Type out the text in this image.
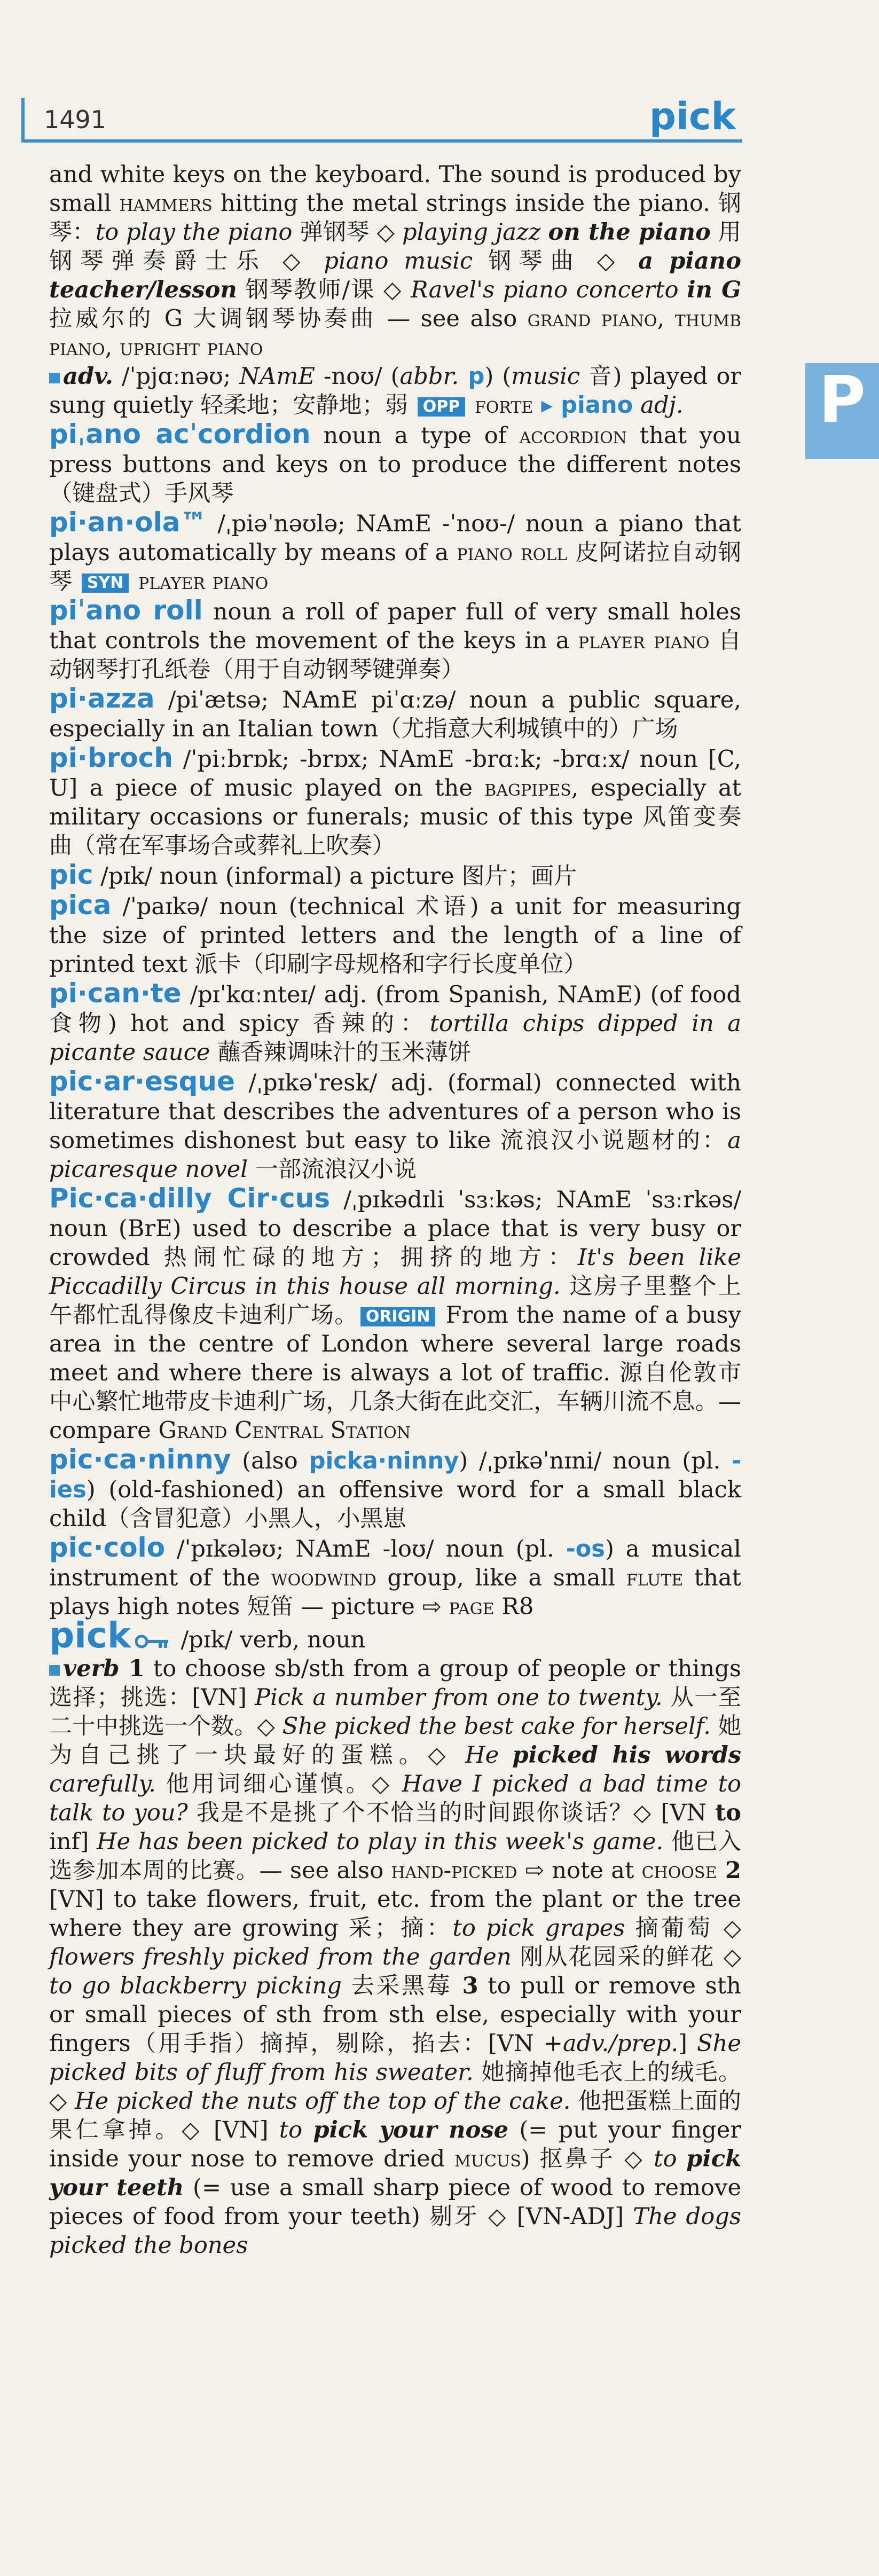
1491	pick
P

and white keys on the keyboard. The sound is produced by small hammers hitting the metal strings inside the piano. 钢琴：to play the piano 弹钢琴 ◇ playing jazz on the piano 用钢琴弹奏爵士乐 ◇ piano music 钢琴曲 ◇ a piano teacher/lesson 钢琴教师/课 ◇ Ravel's piano concerto in G 拉威尔的 G 大调钢琴协奏曲 — see also grand piano, thumb piano, upright piano
adv. /ˈpjɑːnəʊ; NAmE -noʊ/ (abbr. p) (music 音) played or sung quietly 轻柔地；安静地；弱 OPP forte ▸ piano adj.

piˌano acˈcordion noun a type of accordion that you press buttons and keys on to produce the different notes（键盘式）手风琴

pi·an·ola™ /ˌpiəˈnəʊlə; NAmE -ˈnoʊ-/ noun a piano that plays automatically by means of a piano roll 皮阿诺拉自动钢琴 SYN player piano

piˈano roll noun a roll of paper full of very small holes that controls the movement of the keys in a player piano 自动钢琴打孔纸卷（用于自动钢琴键弹奏）

pi·azza /piˈætsə; NAmE piˈɑːzə/ noun a public square, especially in an Italian town（尤指意大利城镇中的）广场

pi·broch /ˈpiːbrɒk; -brɒx; NAmE -brɑːk; -brɑːx/ noun [C, U] a piece of music played on the bagpipes, especially at military occasions or funerals; music of this type 风笛变奏曲（常在军事场合或葬礼上吹奏）

pic /pɪk/ noun (informal) a picture 图片；画片

pica /ˈpaɪkə/ noun (technical 术语) a unit for measuring the size of printed letters and the length of a line of printed text 派卡（印刷字母规格和字行长度单位）

pi·can·te /pɪˈkɑːnteɪ/ adj. (from Spanish, NAmE) (of food 食物) hot and spicy 香辣的：tortilla chips dipped in a picante sauce 蘸香辣调味汁的玉米薄饼

pic·ar·esque /ˌpɪkəˈresk/ adj. (formal) connected with literature that describes the adventures of a person who is sometimes dishonest but easy to like 流浪汉小说题材的：a picaresque novel 一部流浪汉小说

Pic·ca·dilly Cir·cus /ˌpɪkədɪli ˈsɜːkəs; NAmE ˈsɜːrkəs/ noun (BrE) used to describe a place that is very busy or crowded 热闹忙碌的地方；拥挤的地方：It's been like Piccadilly Circus in this house all morning. 这房子里整个上午都忙乱得像皮卡迪利广场。 ORIGIN From the name of a busy area in the centre of London where several large roads meet and where there is always a lot of traffic. 源自伦敦市中心繁忙地带皮卡迪利广场，几条大街在此交汇，车辆川流不息。— compare Grand Central Station

pic·ca·ninny (also picka·ninny) /ˌpɪkəˈnɪni/ noun (pl. -ies) (old-fashioned) an offensive word for a small black child（含冒犯意）小黑人，小黑崽

pic·colo /ˈpɪkələʊ; NAmE -loʊ/ noun (pl. -os) a musical instrument of the woodwind group, like a small flute that plays high notes 短笛 — picture ⇨ page R8

pick /pɪk/ verb, noun
verb 1 to choose sb/sth from a group of people or things 选择；挑选：[VN] Pick a number from one to twenty. 从一至二十中挑选一个数。◇ She picked the best cake for herself. 她为自己挑了一块最好的蛋糕。◇ He picked his words carefully. 他用词细心谨慎。◇ Have I picked a bad time to talk to you? 我是不是挑了个不恰当的时间跟你谈话？◇ [VN to inf] He has been picked to play in this week's game. 他已入选参加本周的比赛。— see also hand-picked ⇨ note at choose 2 [VN] to take flowers, fruit, etc. from the plant or the tree where they are growing 采；摘：to pick grapes 摘葡萄 ◇ flowers freshly picked from the garden 刚从花园采的鲜花 ◇ to go blackberry picking 去采黑莓 3 to pull or remove sth or small pieces of sth from sth else, especially with your fingers（用手指）摘掉，剔除，掐去：[VN +adv./prep.] She picked bits of fluff from his sweater. 她摘掉他毛衣上的绒毛。◇ He picked the nuts off the top of the cake. 他把蛋糕上面的果仁拿掉。◇ [VN] to pick your nose (= put your finger inside your nose to remove dried mucus) 抠鼻子 ◇ to pick your teeth (= use a small sharp piece of wood to remove pieces of food from your teeth) 剔牙 ◇ [VN-ADJ] The dogs picked the bones
